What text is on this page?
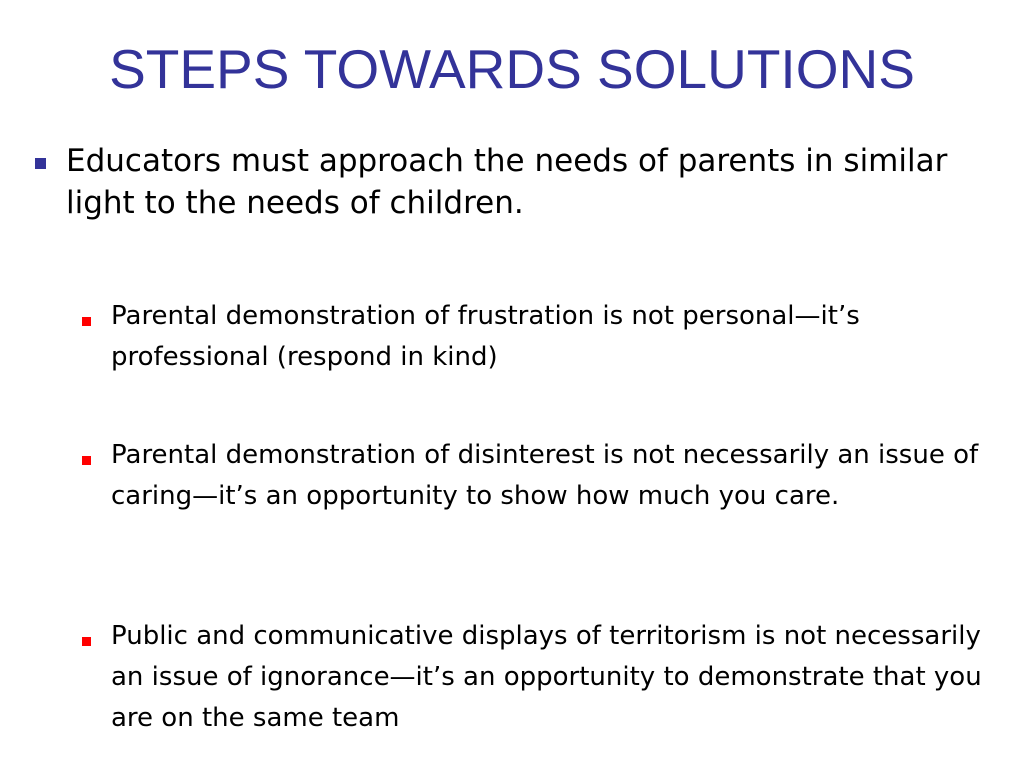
STEPS TOWARDS SOLUTIONS
Educators must approach the needs of parents in similar light to the needs of children.
Parental demonstration of frustration is not personal—it’s professional (respond in kind)
Parental demonstration of disinterest is not necessarily an issue of caring—it’s an opportunity to show how much you care.
Public and communicative displays of territorism is not necessarily an issue of ignorance—it’s an opportunity to demonstrate that you are on the same team
